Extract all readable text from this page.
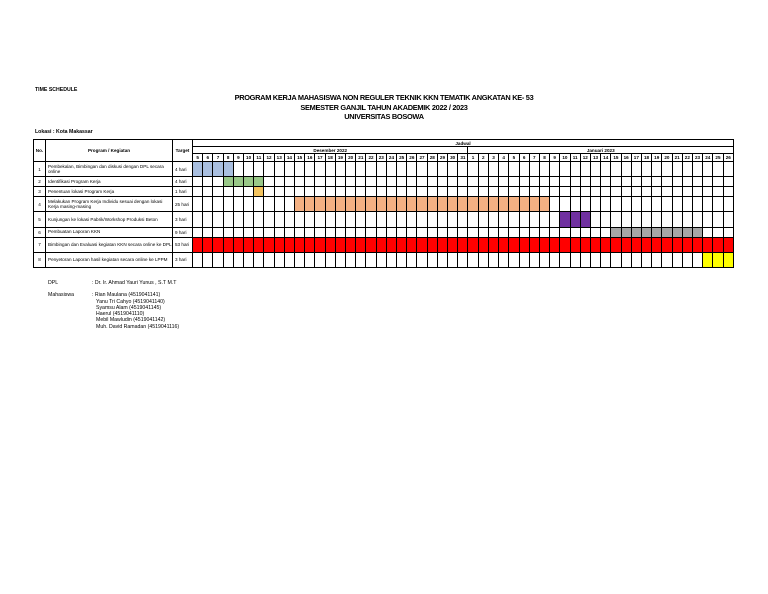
TIME SCHEDULE
PROGRAM KERJA MAHASISWA NON REGULER TEKNIK KKN TEMATIK ANGKATAN KE- 53
SEMESTER GANJIL TAHUN AKADEMIK 2022 / 2023
UNIVERSITAS BOSOWA
Lokasi : Kota Makassar
No.	Program / Kegiatan	Target	Jadwal																																																				
			Desember 2022																											Januari 2023																									
			5	6	7	8	9	10	11	12	13	14	15	16	17	18	19	20	21	22	23	24	25	26	27	28	29	30	31	1	2	3	4	5	6	7	8	9	10	11	12	13	14	15	16	17	18	19	20	21	22	23	24	25	26
1	Pembekalan, Bimbingan dan diskusi dengan DPL secara online	4 hari																																																					
2	Identifikasi Program Kerja	4 hari																																																					
3	Penentuan lokasi Program Kerja	1 hari																																																					
4	Melakukan Program Kerja Individu sesuai dengan lokasi Kerja masing-masing	25 hari																																																					
5	Kunjungan ke lokasi Pabrik/Workshop Produksi Beton	3 hari																																																					
6	Pembuatan Laporan KKN	9 hari																																																					
7	Bimbingan dan Evaluasi kegiatan KKN secara online ke DPL	53 hari																																																					
8	Penyetoran Laporan hasil kegiatan secara online ke LPPM	3 hari																																																					
DPL	: Dr. Ir. Ahmad Yauri Yunus , S.T M.T
Mahasiswa	: Rian Maulana (4519041141)
Yanu Tri Cahyo (4519041140)
Syamsu Alam (4519041145)
Haerul (4519041110)
Mebil Mawludin (4519041142)
Muh. David Ramadan (4519041116)
